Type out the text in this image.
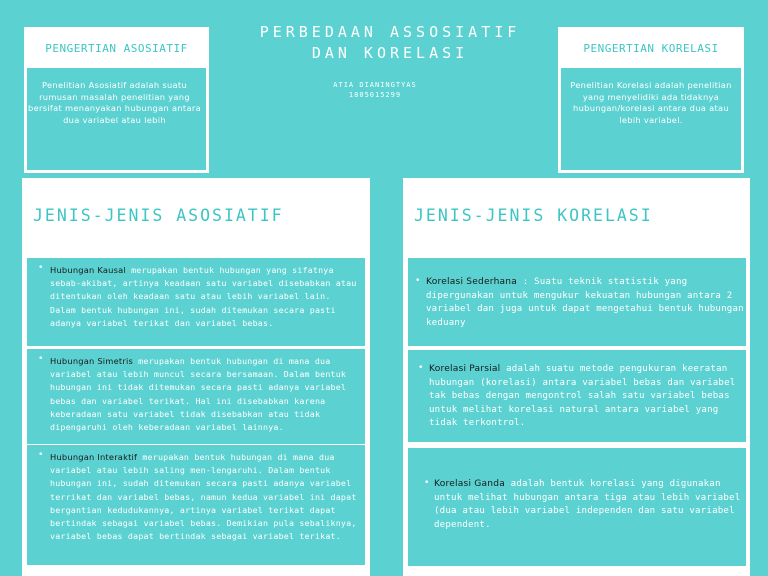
PERBEDAAN ASSOSIATIF
DAN KORELASI
ATIA DIANINGTYAS
1805015299
PENGERTIAN ASOSIATIF
Penelitian Asosiatif adalah suatu rumusan masalah penelitian yang bersifat menanyakan hubungan antara dua variabel atau lebih
PENGERTIAN KORELASI
Penelitian Korelasi adalah penelitian yang menyelidiki ada tidaknya hubungan/korelasi antara dua atau lebih variabel.
JENIS-JENIS ASOSIATIF
• Hubungan Kausal merupakan bentuk hubungan yang sifatnya sebab-akibat, artinya keadaan satu variabel disebabkan atau ditentukan oleh keadaan satu atau lebih variabel lain. Dalam bentuk hubungan ini, sudah ditemukan secara pasti adanya variabel terikat dan variabel bebas.
• Hubungan Simetris merupakan bentuk hubungan di mana dua variabel atau lebih muncul secara bersamaan. Dalam bentuk hubungan ini tidak ditemukan secara pasti adanya variabel bebas dan variabel terikat. Hal ini disebabkan karena keberadaan satu variabel tidak disebabkan atau tidak dipengaruhi oleh keberadaan variabel lainnya.
• Hubungan Interaktif merupakan bentuk hubungan di mana dua variabel atau lebih saling men-lengaruhi. Dalam bentuk hubungan ini, sudah ditemukan secara pasti adanya variabel terrikat dan variabel bebas, namun kedua variabel ini dapat bergantian kedudukannya, artinya variabel terikat dapat bertindak sebagai variabel bebas. Demikian pula sebaliknya, variabel bebas dapat bertindak sebagai variabel terikat.
JENIS-JENIS KORELASI
• Korelasi Sederhana : Suatu teknik statistik yang dipergunakan untuk mengukur kekuatan hubungan antara 2 variabel dan juga untuk dapat mengetahui bentuk hubungan keduany
• Korelasi Parsial adalah suatu metode pengukuran keeratan hubungan (korelasi) antara variabel bebas dan variabel tak bebas dengan mengontrol salah satu variabel bebas untuk melihat korelasi natural antara variabel yang tidak terkontrol.
• Korelasi Ganda adalah bentuk korelasi yang digunakan untuk melihat hubungan antara tiga atau lebih variabel (dua atau lebih variabel independen dan satu variabel dependent.
